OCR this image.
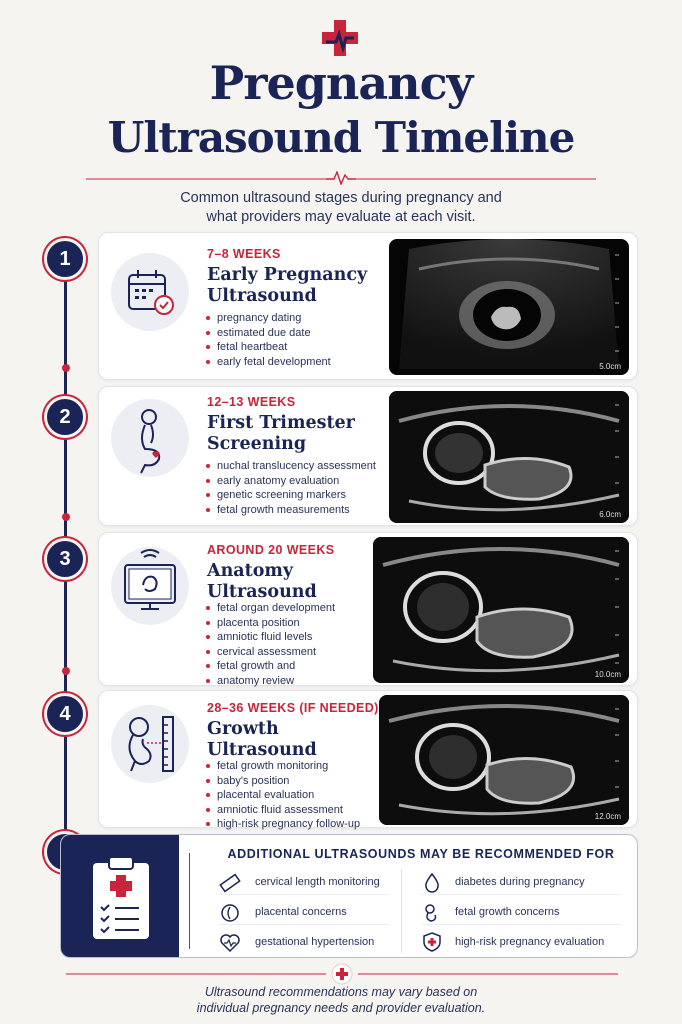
Pregnancy
Ultrasound Timeline
Common ultrasound stages during pregnancy and
what providers may evaluate at each visit.
1
2
3
4
7–8 WEEKS
Early Pregnancy
Ultrasound
pregnancy dating
estimated due date
fetal heartbeat
early fetal development	5.0cm
12–13 WEEKS
First Trimester
Screening
nuchal translucency assessment
early anatomy evaluation
genetic screening markers
fetal growth measurements	6.0cm
AROUND 20 WEEKS
Anatomy
Ultrasound
fetal organ development
placenta position
amniotic fluid levels
cervical assessment
fetal growth and
anatomy review
10.0cm
28–36 WEEKS (IF NEEDED)
Growth
Ultrasound
fetal growth monitoring
baby's position
placental evaluation
amniotic fluid assessment
high-risk pregnancy follow-up
12.0cm
ADDITIONAL ULTRASOUNDS MAY BE RECOMMENDED FOR
cervical length monitoring
placental concerns
gestational hypertension
diabetes during pregnancy
fetal growth concerns
high-risk pregnancy evaluation
Ultrasound recommendations may vary based on
individual pregnancy needs and provider evaluation.
